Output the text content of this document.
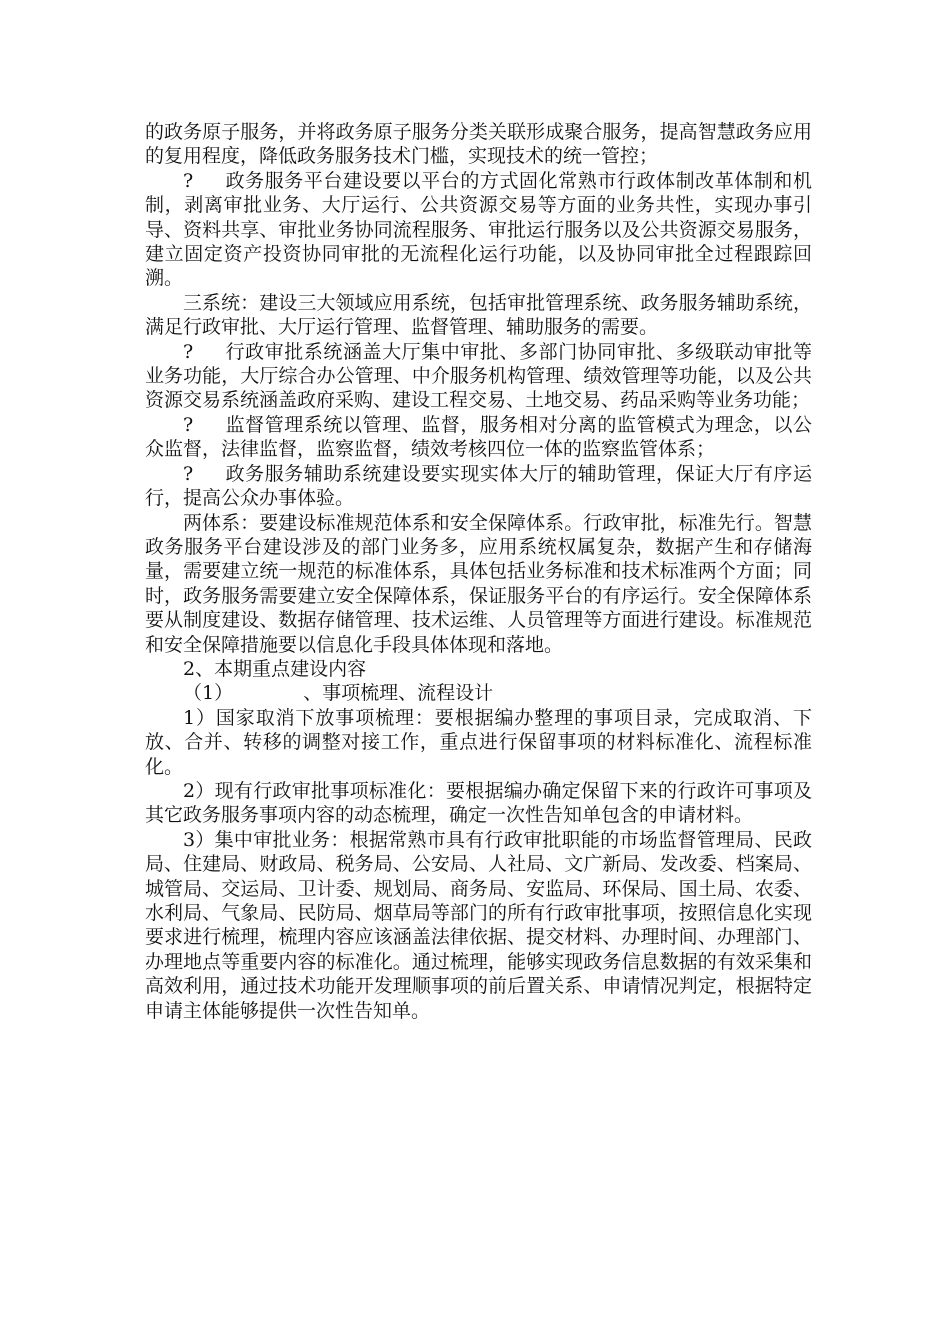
的政务原子服务，并将政务原子服务分类关联形成聚合服务，提高智慧政务应用的复用程度，降低政务服务技术门槛，实现技术的统一管控；

? 政务服务平台建设要以平台的方式固化常熟市行政体制改革体制和机制，剥离审批业务、大厅运行、公共资源交易等方面的业务共性，实现办事引导、资料共享、审批业务协同流程服务、审批运行服务以及公共资源交易服务，建立固定资产投资协同审批的无流程化运行功能，以及协同审批全过程跟踪回溯。

三系统：建设三大领域应用系统，包括审批管理系统、政务服务辅助系统，满足行政审批、大厅运行管理、监督管理、辅助服务的需要。

? 行政审批系统涵盖大厅集中审批、多部门协同审批、多级联动审批等业务功能，大厅综合办公管理、中介服务机构管理、绩效管理等功能，以及公共资源交易系统涵盖政府采购、建设工程交易、土地交易、药品采购等业务功能；

? 监督管理系统以管理、监督，服务相对分离的监管模式为理念，以公众监督，法律监督，监察监督，绩效考核四位一体的监察监管体系；

? 政务服务辅助系统建设要实现实体大厅的辅助管理，保证大厅有序运行，提高公众办事体验。

两体系：要建设标准规范体系和安全保障体系。行政审批，标准先行。智慧政务服务平台建设涉及的部门业务多，应用系统权属复杂，数据产生和存储海量，需要建立统一规范的标准体系，具体包括业务标准和技术标准两个方面；同时，政务服务需要建立安全保障体系，保证服务平台的有序运行。安全保障体系要从制度建设、数据存储管理、技术运维、人员管理等方面进行建设。标准规范和安全保障措施要以信息化手段具体体现和落地。

2、本期重点建设内容

（1）	、事项梳理、流程设计

1）国家取消下放事项梳理：要根据编办整理的事项目录，完成取消、下放、合并、转移的调整对接工作，重点进行保留事项的材料标准化、流程标准化。

2）现有行政审批事项标准化：要根据编办确定保留下来的行政许可事项及其它政务服务事项内容的动态梳理，确定一次性告知单包含的申请材料。

3）集中审批业务：根据常熟市具有行政审批职能的市场监督管理局、民政局、住建局、财政局、税务局、公安局、人社局、文广新局、发改委、档案局、城管局、交运局、卫计委、规划局、商务局、安监局、环保局、国土局、农委、水利局、气象局、民防局、烟草局等部门的所有行政审批事项，按照信息化实现要求进行梳理，梳理内容应该涵盖法律依据、提交材料、办理时间、办理部门、办理地点等重要内容的标准化。通过梳理，能够实现政务信息数据的有效采集和高效利用，通过技术功能开发理顺事项的前后置关系、申请情况判定，根据特定申请主体能够提供一次性告知单。
